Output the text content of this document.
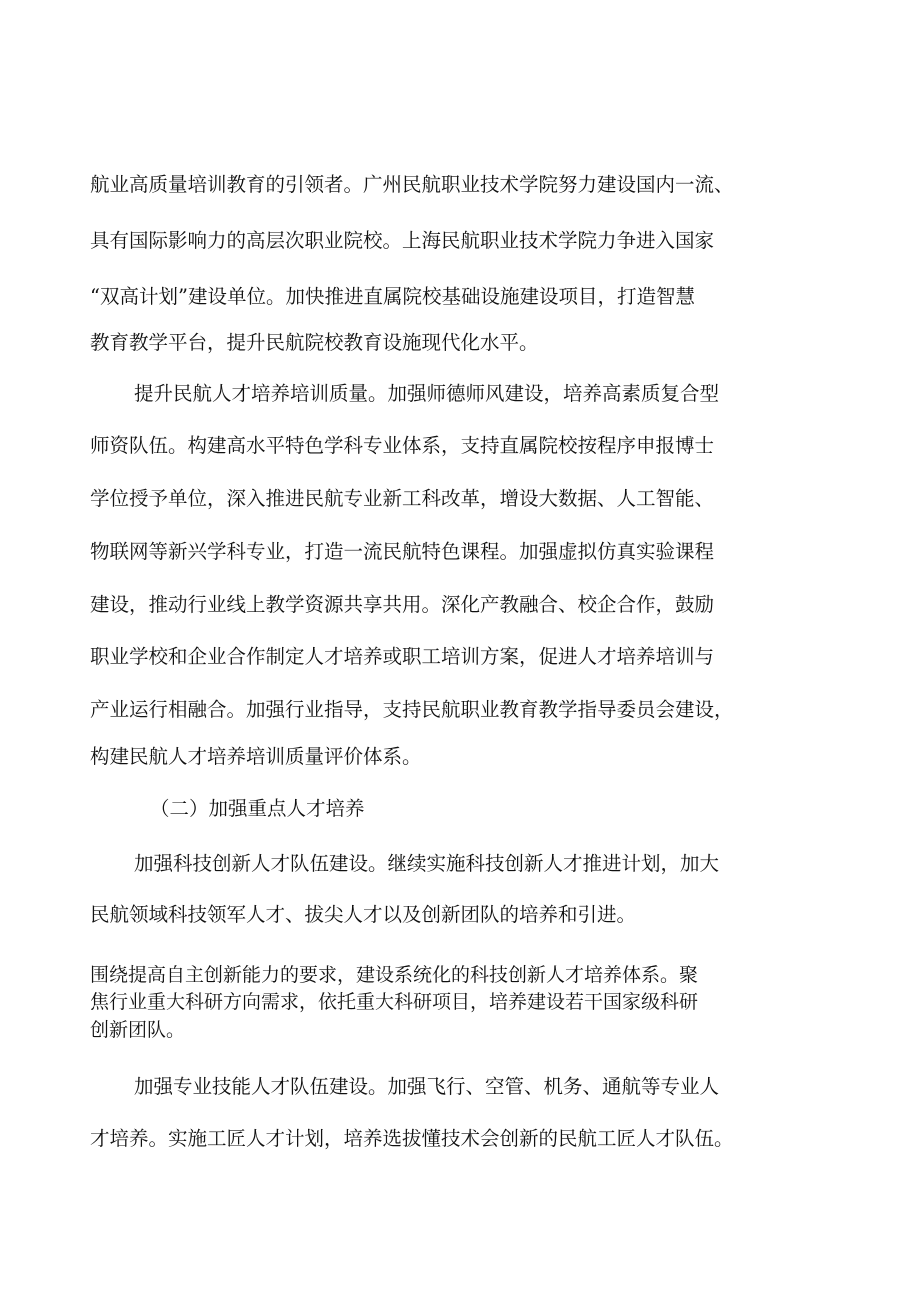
航业高质量培训教育的引领者。广州民航职业技术学院努力建设国内一流、
具有国际影响力的高层次职业院校。上海民航职业技术学院力争进入国家
“双高计划”建设单位。加快推进直属院校基础设施建设项目，打造智慧
教育教学平台，提升民航院校教育设施现代化水平。
提升民航人才培养培训质量。加强师德师风建设，培养高素质复合型
师资队伍。构建高水平特色学科专业体系，支持直属院校按程序申报博士
学位授予单位，深入推进民航专业新工科改革，增设大数据、人工智能、
物联网等新兴学科专业，打造一流民航特色课程。加强虚拟仿真实验课程
建设，推动行业线上教学资源共享共用。深化产教融合、校企合作，鼓励
职业学校和企业合作制定人才培养或职工培训方案，促进人才培养培训与
产业运行相融合。加强行业指导，支持民航职业教育教学指导委员会建设，
构建民航人才培养培训质量评价体系。
（二）加强重点人才培养
加强科技创新人才队伍建设。继续实施科技创新人才推进计划，加大
民航领域科技领军人才、拔尖人才以及创新团队的培养和引进。
围绕提高自主创新能力的要求，建设系统化的科技创新人才培养体系。聚
焦行业重大科研方向需求，依托重大科研项目，培养建设若干国家级科研
创新团队。
加强专业技能人才队伍建设。加强飞行、空管、机务、通航等专业人
才培养。实施工匠人才计划，培养选拔懂技术会创新的民航工匠人才队伍。
